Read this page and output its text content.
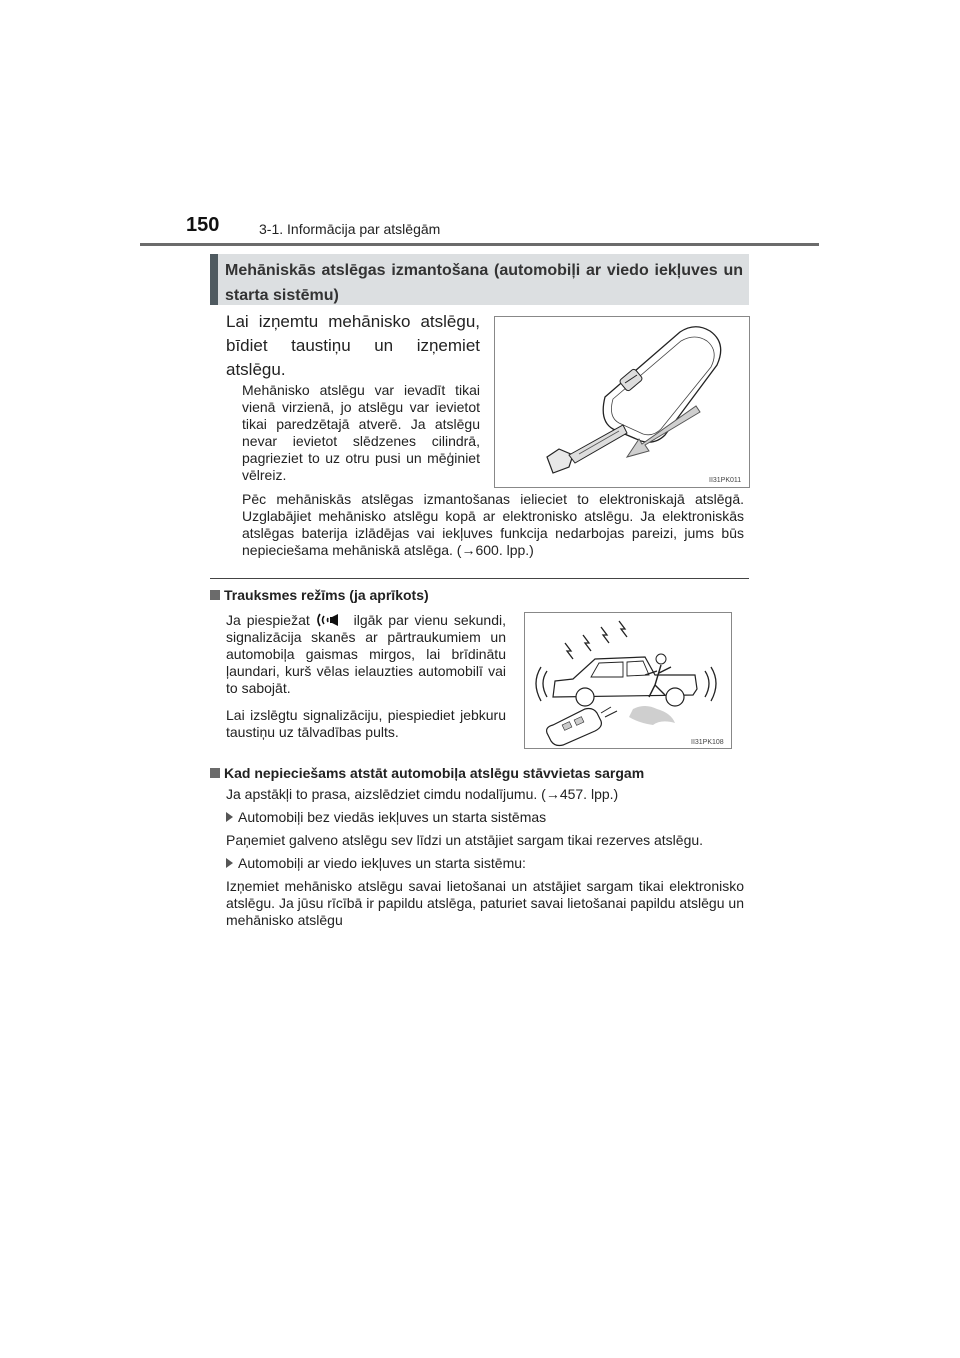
150	3-1. Informācija par atslēgām
Mehāniskās atslēgas izmantošana (automobiļi ar viedo iekļuves un starta sistēmu)
Lai izņemtu mehānisko atslēgu, bīdiet taustiņu un izņemiet atslēgu.
Mehānisko atslēgu var ievadīt tikai vienā virzienā, jo atslēgu var ievietot tikai paredzētajā atverē. Ja atslēgu nevar ievietot slēdzenes cilindrā, pagrieziet to uz otru pusi un mēģiniet vēlreiz.	II31PK011
Pēc mehāniskās atslēgas izmantošanas ielieciet to elektroniskajā atslēgā. Uzglabājiet mehānisko atslēgu kopā ar elektronisko atslēgu. Ja elektroniskās atslēgas baterija izlādējas vai iekļuves funkcija nedarbojas pareizi, jums būs nepieciešama mehāniskā atslēga. (→600. lpp.)
Trauksmes režīms (ja aprīkots)
Ja piespiežat	ilgāk par vienu sekundi, signalizācija skanēs ar pārtraukumiem un automobiļa gaismas mirgos, lai brīdinātu ļaundari, kurš vēlas ielauzties automobilī vai to sabojāt.
Lai izslēgtu signalizāciju, piespiediet jebkuru taustiņu uz tālvadības pults.
II31PK108
Kad nepieciešams atstāt automobiļa atslēgu stāvvietas sargam
Ja apstākļi to prasa, aizslēdziet cimdu nodalījumu. (→457. lpp.)
Automobiļi bez viedās iekļuves un starta sistēmas
Paņemiet galveno atslēgu sev līdzi un atstājiet sargam tikai rezerves atslēgu.
Automobiļi ar viedo iekļuves un starta sistēmu:
Izņemiet mehānisko atslēgu savai lietošanai un atstājiet sargam tikai elektronisko atslēgu. Ja jūsu rīcībā ir papildu atslēga, paturiet savai lietošanai papildu atslēgu un mehānisko atslēgu
